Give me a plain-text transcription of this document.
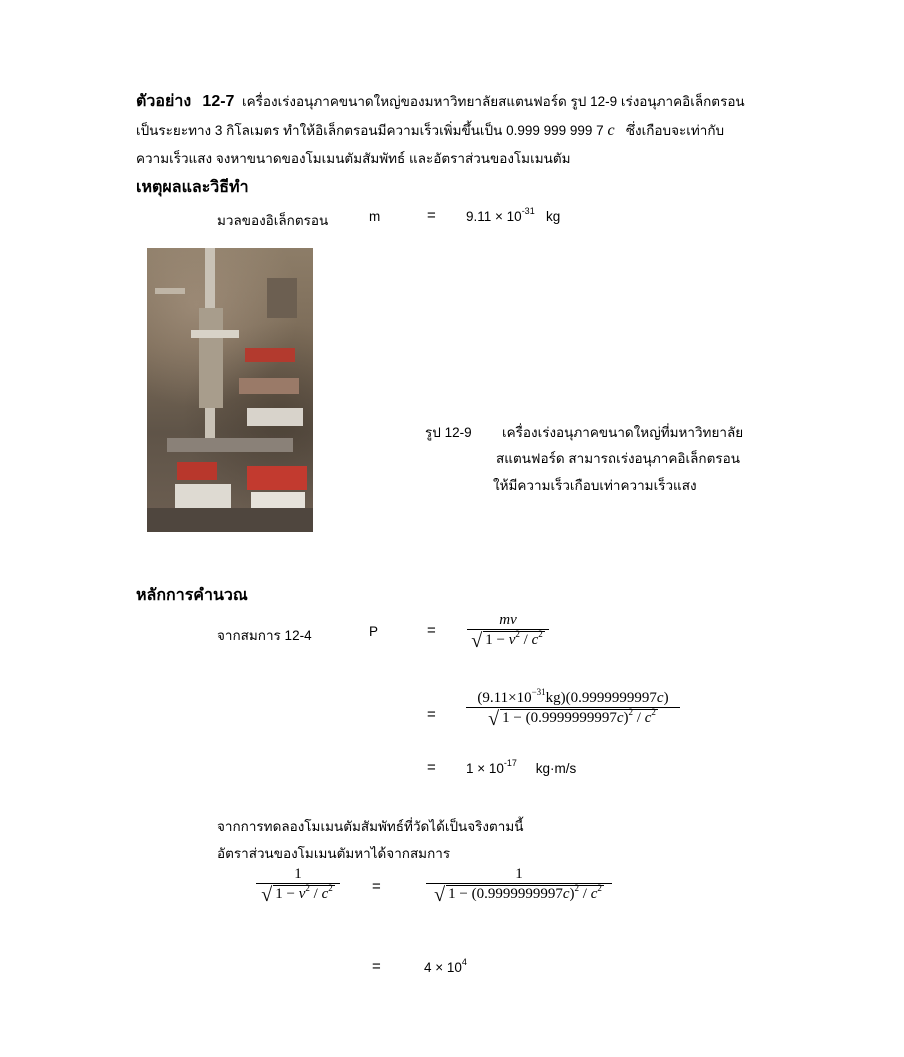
ตัวอย่าง 12-7 เครื่องเร่งอนุภาคขนาดใหญ่ของมหาวิทยาลัยสแตนฟอร์ด รูป 12-9 เร่งอนุภาคอิเล็กตรอน
เป็นระยะทาง 3 กิโลเมตร ทำให้อิเล็กตรอนมีความเร็วเพิ่มขึ้นเป็น 0.999 999 999 7 c ซึ่งเกือบจะเท่ากับ
ความเร็วแสง จงหาขนาดของโมเมนตัมสัมพัทธ์ และอัตราส่วนของโมเมนตัม
เหตุผลและวิธีทำ
มวลของอิเล็กตรอน	m	= $9.11 \times 10^{-31}$ kg
รูป 12-9 เครื่องเร่งอนุภาคขนาดใหญ่ที่มหาวิทยาลัย
สแตนฟอร์ด สามารถเร่งอนุภาคอิเล็กตรอน
ให้มีความเร็วเกือบเท่าความเร็วแสง
หลักการคำนวณ
จากสมการ 12-4	P	=
mv
√ $1 - v^2 / c^2$
=
$(9.11\times 10^{-31}kg)(0.9999999997c)$
√ $1 - (0.9999999997c)^2 / c^2$
= $1 \times 10^{-17}$ kg·m/s
จากการทดลองโมเมนตัมสัมพัทธ์ที่วัดได้เป็นจริงตามนี้
อัตราส่วนของโมเมนตัมหาได้จากสมการ
1
√ $1 - v^2 / c^2$	=
1
√ $1 - (0.9999999997c)^2 / c^2$
=	$4 \times 10^4$
